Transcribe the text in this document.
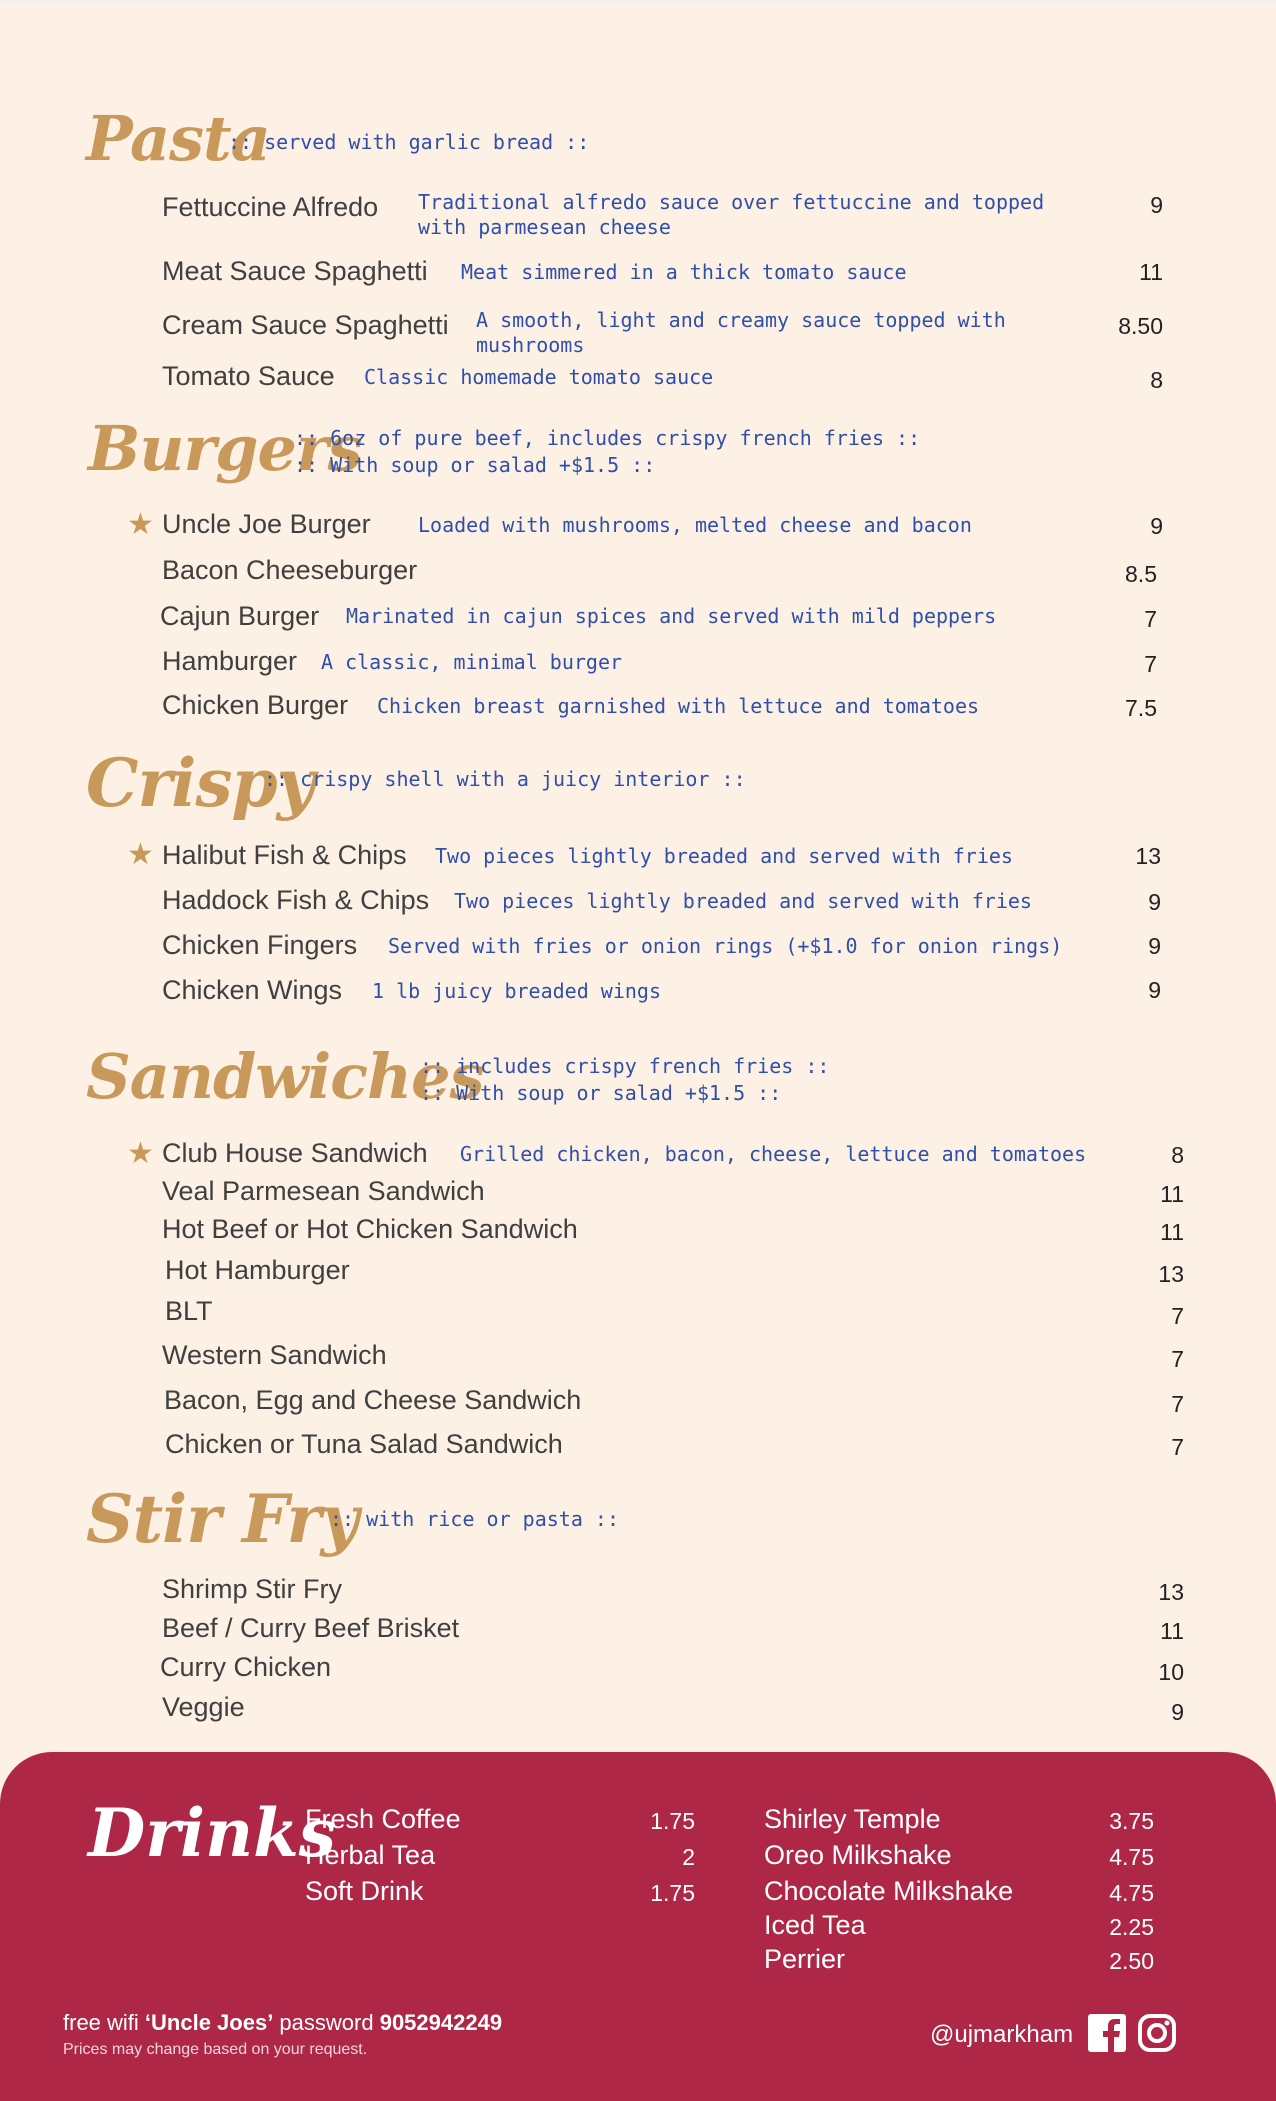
Pasta
:: served with garlic bread ::
Fettuccine Alfredo Traditional alfredo sauce over fettuccine and topped
with parmesean cheese
9
Meat Sauce Spaghetti Meat simmered in a thick tomato sauce	11
Cream Sauce Spaghetti A smooth, light and creamy sauce topped with
mushrooms
8.50
Tomato Sauce Classic homemade tomato sauce	8
Burgers
:: 6oz of pure beef, includes crispy french fries ::
:: With soup or salad +$1.5 ::
★ Uncle Joe Burger Loaded with mushrooms, melted cheese and bacon	9
Bacon Cheeseburger	8.5
Cajun Burger Marinated in cajun spices and served with mild peppers	7
Hamburger A classic, minimal burger	7
Chicken Burger Chicken breast garnished with lettuce and tomatoes	7.5
Crispy
:: crispy shell with a juicy interior ::
★ Halibut Fish & Chips Two pieces lightly breaded and served with fries	13
Haddock Fish & Chips Two pieces lightly breaded and served with fries	9
Chicken Fingers Served with fries or onion rings (+$1.0 for onion rings)	9
Chicken Wings 1 lb juicy breaded wings	9
Sandwiches
:: includes crispy french fries ::
:: With soup or salad +$1.5 ::
★ Club House Sandwich Grilled chicken, bacon, cheese, lettuce and tomatoes	8
Veal Parmesean Sandwich	11
Hot Beef or Hot Chicken Sandwich	11
Hot Hamburger	13
BLT	7
Western Sandwich	7
Bacon, Egg and Cheese Sandwich	7
Chicken or Tuna Salad Sandwich	7
Stir Fry
:: with rice or pasta ::
Shrimp Stir Fry	13
Beef / Curry Beef Brisket	11
Curry Chicken	10
Veggie	9
Drinks
Fresh Coffee	1.75
Herbal Tea	2
Soft Drink	1.75
Shirley Temple	3.75
Oreo Milkshake	4.75
Chocolate Milkshake	4.75
Iced Tea	2.25
Perrier	2.50
free wifi ‘Uncle Joes’ password 9052942249
Prices may change based on your request.
@ujmarkham
